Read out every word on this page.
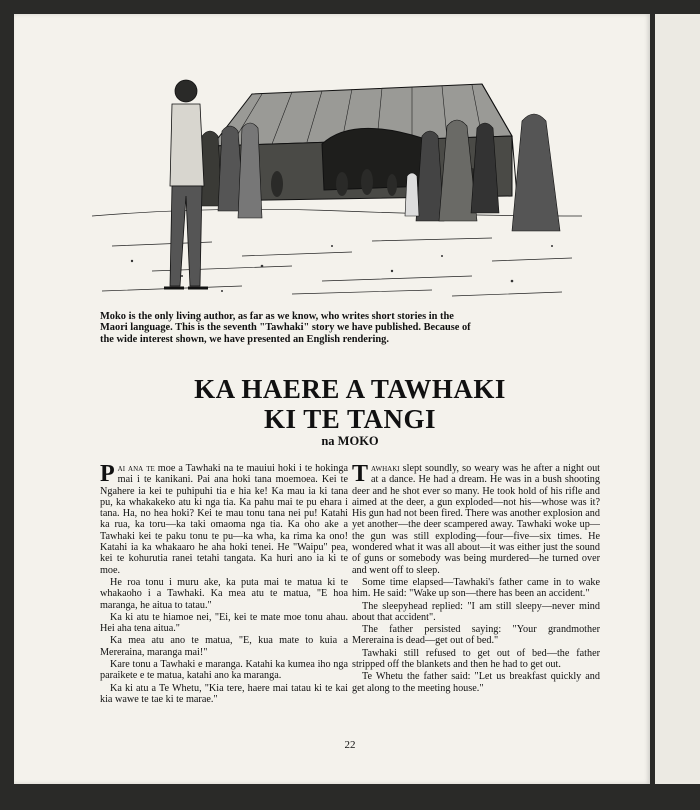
Moko is the only living author, as far as we know, who writes short stories in the Maori language. This is the seventh "Tawhaki" story we have published. Because of the wide interest shown, we have presented an English rendering.

KA HAERE A TAWHAKI
KI TE TANGI
na MOKO

Pai ana te moe a Tawhaki na te mauiui hoki i te hokinga mai i te kanikani. Pai ana hoki tana moemoea. Kei te Ngahere ia kei te puhipuhi tia e hia ke! Ka mau ia ki tana pu, ka whakakeko atu ki nga tia. Ka pahu mai te pu ehara i tana. Ha, no hea hoki? Kei te mau tonu tana nei pu! Katahi ka rua, ka toru—ka taki omaoma nga tia. Ka oho ake a Tawhaki kei te paku tonu te pu—ka wha, ka rima ka ono! Katahi ia ka whakaaro he aha hoki tenei. He "Waipu" pea, kei te kohurutia ranei tetahi tangata. Ka huri ano ia ki te moe.

He roa tonu i muru ake, ka puta mai te matua ki te whakaoho i a Tawhaki. Ka mea atu te matua, "E hoa maranga, he aitua to tatau."

Ka ki atu te hiamoe nei, "Ei, kei te mate moe tonu ahau. Hei aha tena aitua."

Ka mea atu ano te matua, "E, kua mate to kuia a Mereraina, maranga mai!"

Kare tonu a Tawhaki e maranga. Katahi ka kumea iho nga paraikete e te matua, katahi ano ka maranga.

Ka ki atu a Te Whetu, "Kia tere, haere mai tatau ki te kai kia wawe te tae ki te marae."

Tawhaki slept soundly, so weary was he after a night out at a dance. He had a dream. He was in a bush shooting deer and he shot ever so many. He took hold of his rifle and aimed at the deer, a gun exploded—not his—whose was it? His gun had not been fired. There was another explosion and yet another—the deer scampered away. Tawhaki woke up—the gun was still exploding—four—five—six times. He wondered what it was all about—it was either just the sound of guns or somebody was being murdered—he turned over and went off to sleep.

Some time elapsed—Tawhaki's father came in to wake him. He said: "Wake up son—there has been an accident."

The sleepyhead replied: "I am still sleepy—never mind about that accident".

The father persisted saying: "Your grandmother Mereraina is dead—get out of bed."

Tawhaki still refused to get out of bed—the father stripped off the blankets and then he had to get out.

Te Whetu the father said: "Let us breakfast quickly and get along to the meeting house."

22
